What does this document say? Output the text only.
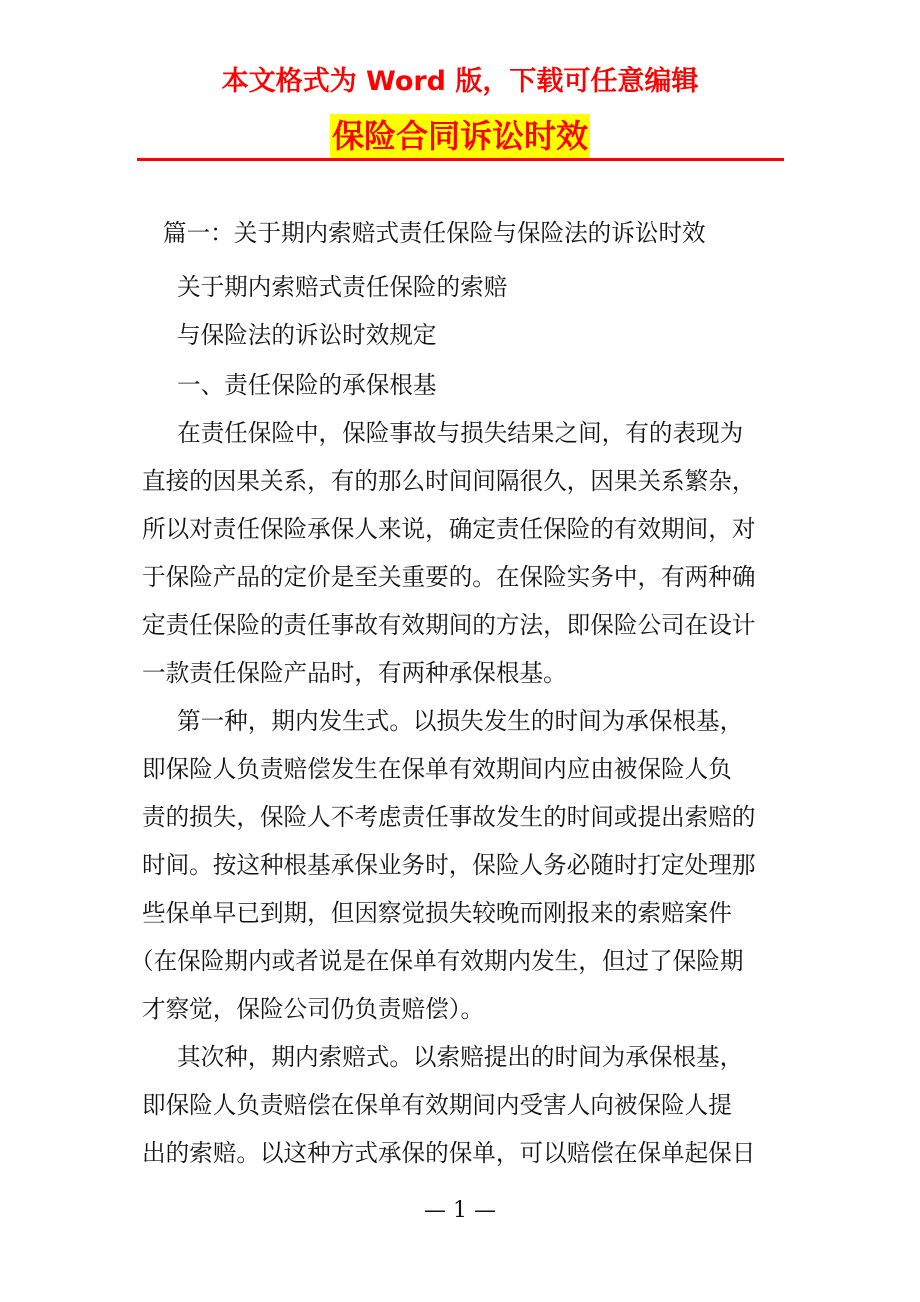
本文格式为 Word 版，下载可任意编辑
保险合同诉讼时效

篇一：关于期内索赔式责任保险与保险法的诉讼时效

关于期内索赔式责任保险的索赔

与保险法的诉讼时效规定

一、责任保险的承保根基

在责任保险中，保险事故与损失结果之间，有的表现为

直接的因果关系，有的那么时间间隔很久，因果关系繁杂，

所以对责任保险承保人来说，确定责任保险的有效期间，对

于保险产品的定价是至关重要的。在保险实务中，有两种确

定责任保险的责任事故有效期间的方法，即保险公司在设计

一款责任保险产品时，有两种承保根基。

第一种，期内发生式。以损失发生的时间为承保根基，

即保险人负责赔偿发生在保单有效期间内应由被保险人负

责的损失，保险人不考虑责任事故发生的时间或提出索赔的

时间。按这种根基承保业务时，保险人务必随时打定处理那

些保单早已到期，但因察觉损失较晚而刚报来的索赔案件

（在保险期内或者说是在保单有效期内发生，但过了保险期

才察觉，保险公司仍负责赔偿）。

其次种，期内索赔式。以索赔提出的时间为承保根基，

即保险人负责赔偿在保单有效期间内受害人向被保险人提

出的索赔。以这种方式承保的保单，可以赔偿在保单起保日

— 1 —
